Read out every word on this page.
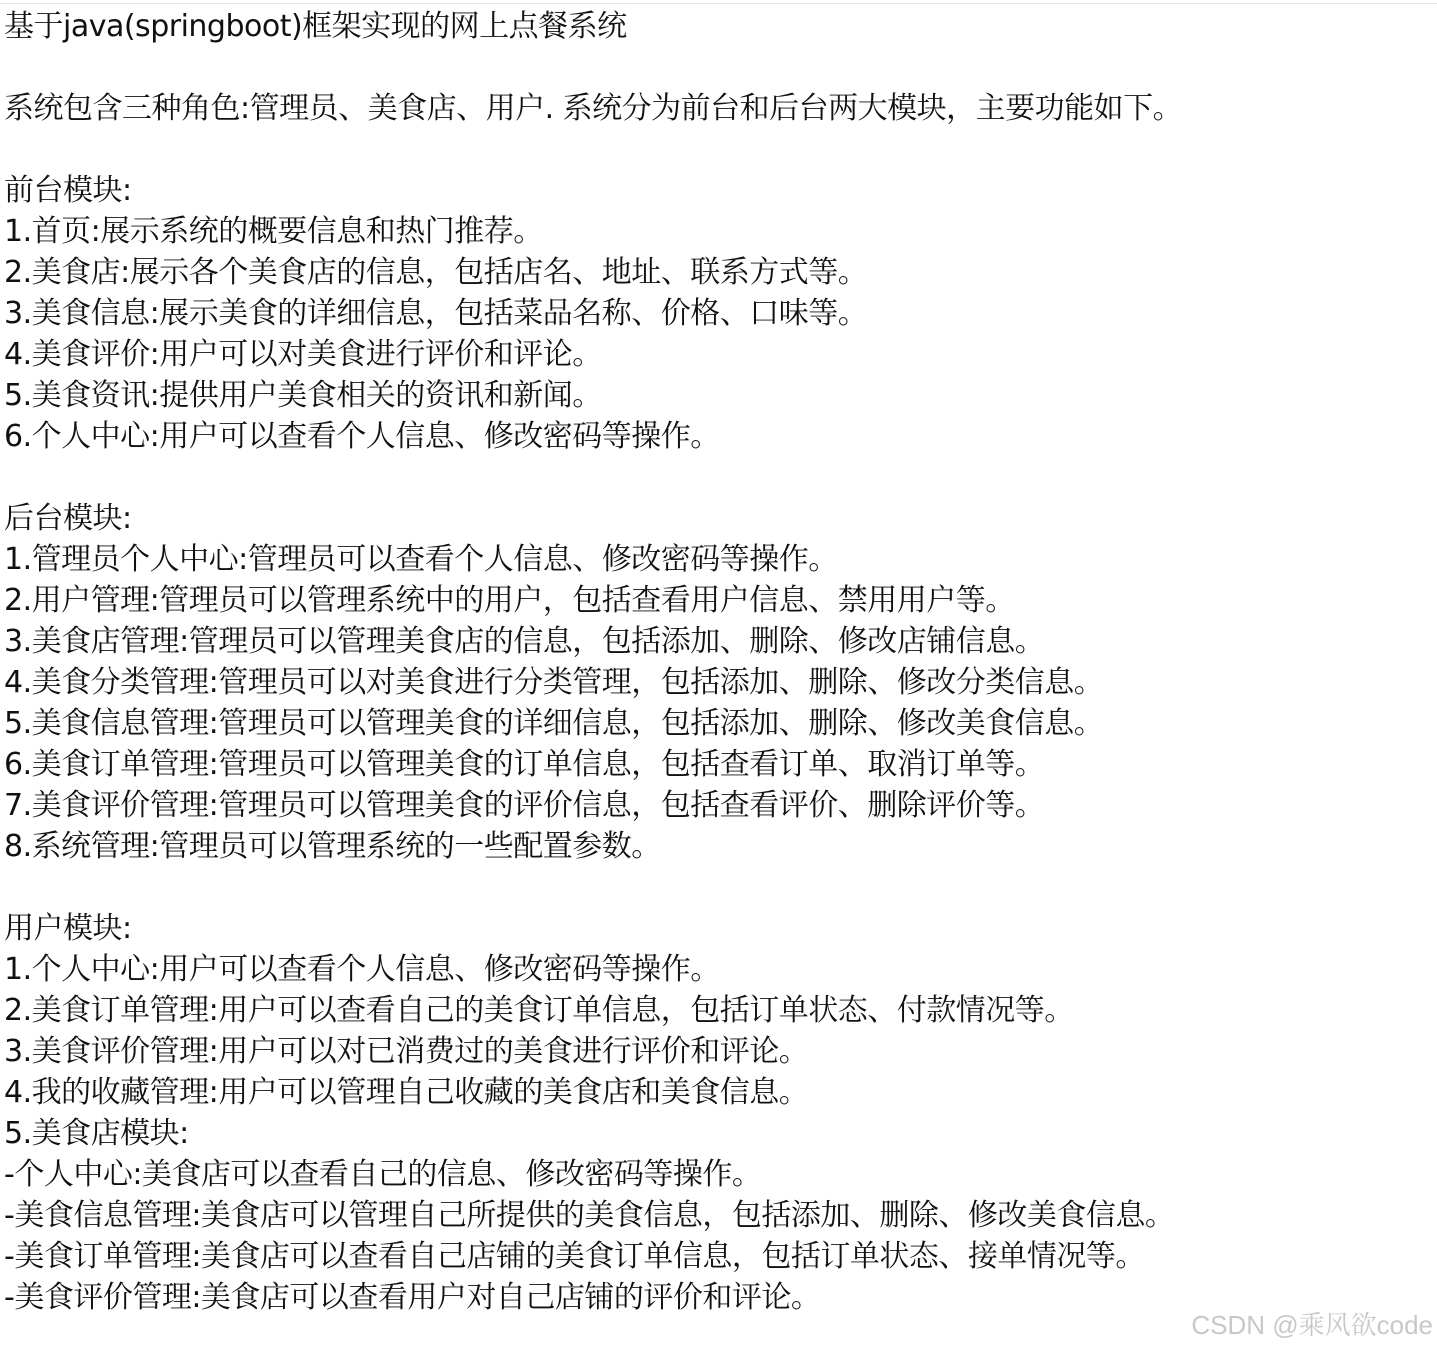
基于java(springboot)框架实现的网上点餐系统
系统包含三种角色:管理员、美食店、用户. 系统分为前台和后台两大模块，主要功能如下。
前台模块:
1.首页:展示系统的概要信息和热门推荐。
2.美食店:展示各个美食店的信息，包括店名、地址、联系方式等。
3.美食信息:展示美食的详细信息，包括菜品名称、价格、口味等。
4.美食评价:用户可以对美食进行评价和评论。
5.美食资讯:提供用户美食相关的资讯和新闻。
6.个人中心:用户可以查看个人信息、修改密码等操作。
后台模块:
1.管理员个人中心:管理员可以查看个人信息、修改密码等操作。
2.用户管理:管理员可以管理系统中的用户，包括查看用户信息、禁用用户等。
3.美食店管理:管理员可以管理美食店的信息，包括添加、删除、修改店铺信息。
4.美食分类管理:管理员可以对美食进行分类管理，包括添加、删除、修改分类信息。
5.美食信息管理:管理员可以管理美食的详细信息，包括添加、删除、修改美食信息。
6.美食订单管理:管理员可以管理美食的订单信息，包括查看订单、取消订单等。
7.美食评价管理:管理员可以管理美食的评价信息，包括查看评价、删除评价等。
8.系统管理:管理员可以管理系统的一些配置参数。
用户模块:
1.个人中心:用户可以查看个人信息、修改密码等操作。
2.美食订单管理:用户可以查看自己的美食订单信息，包括订单状态、付款情况等。
3.美食评价管理:用户可以对已消费过的美食进行评价和评论。
4.我的收藏管理:用户可以管理自己收藏的美食店和美食信息。
5.美食店模块:
-个人中心:美食店可以查看自己的信息、修改密码等操作。
-美食信息管理:美食店可以管理自己所提供的美食信息，包括添加、删除、修改美食信息。
-美食订单管理:美食店可以查看自己店铺的美食订单信息，包括订单状态、接单情况等。
-美食评价管理:美食店可以查看用户对自己店铺的评价和评论。
CSDN @乘风欲code
